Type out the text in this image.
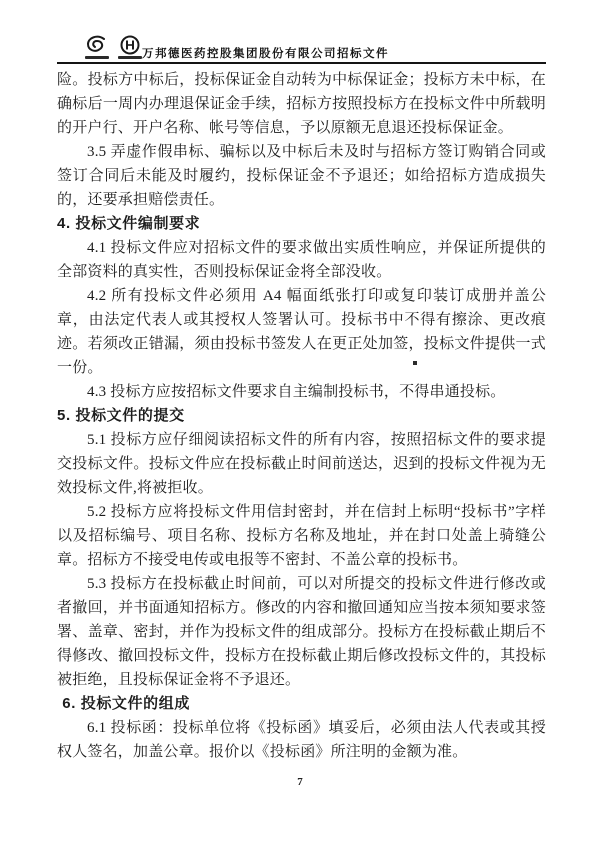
万邦德医药控股集团股份有限公司招标文件

险。投标方中标后，投标保证金自动转为中标保证金；投标方未中标，在确标后一周内办理退保证金手续，招标方按照投标方在投标文件中所载明的开户行、开户名称、帐号等信息，予以原额无息退还投标保证金。

3.5 弄虚作假串标、骗标以及中标后未及时与招标方签订购销合同或签订合同后未能及时履约，投标保证金不予退还；如给招标方造成损失的，还要承担赔偿责任。

4. 投标文件编制要求

4.1 投标文件应对招标文件的要求做出实质性响应，并保证所提供的全部资料的真实性，否则投标保证金将全部没收。

4.2 所有投标文件必须用 A4 幅面纸张打印或复印装订成册并盖公章，由法定代表人或其授权人签署认可。投标书中不得有擦涂、更改痕迹。若须改正错漏，须由投标书签发人在更正处加签，投标文件提供一式一份。

4.3 投标方应按招标文件要求自主编制投标书，不得串通投标。

5. 投标文件的提交

5.1 投标方应仔细阅读招标文件的所有内容，按照招标文件的要求提交投标文件。投标文件应在投标截止时间前送达，迟到的投标文件视为无效投标文件,将被拒收。

5.2 投标方应将投标文件用信封密封，并在信封上标明“投标书”字样以及招标编号、项目名称、投标方名称及地址，并在封口处盖上骑缝公章。招标方不接受电传或电报等不密封、不盖公章的投标书。

5.3 投标方在投标截止时间前，可以对所提交的投标文件进行修改或者撤回，并书面通知招标方。修改的内容和撤回通知应当按本须知要求签署、盖章、密封，并作为投标文件的组成部分。投标方在投标截止期后不得修改、撤回投标文件，投标方在投标截止期后修改投标文件的，其投标被拒绝，且投标保证金将不予退还。

6. 投标文件的组成

6.1 投标函：投标单位将《投标函》填妥后，必须由法人代表或其授权人签名，加盖公章。报价以《投标函》所注明的金额为准。

7
